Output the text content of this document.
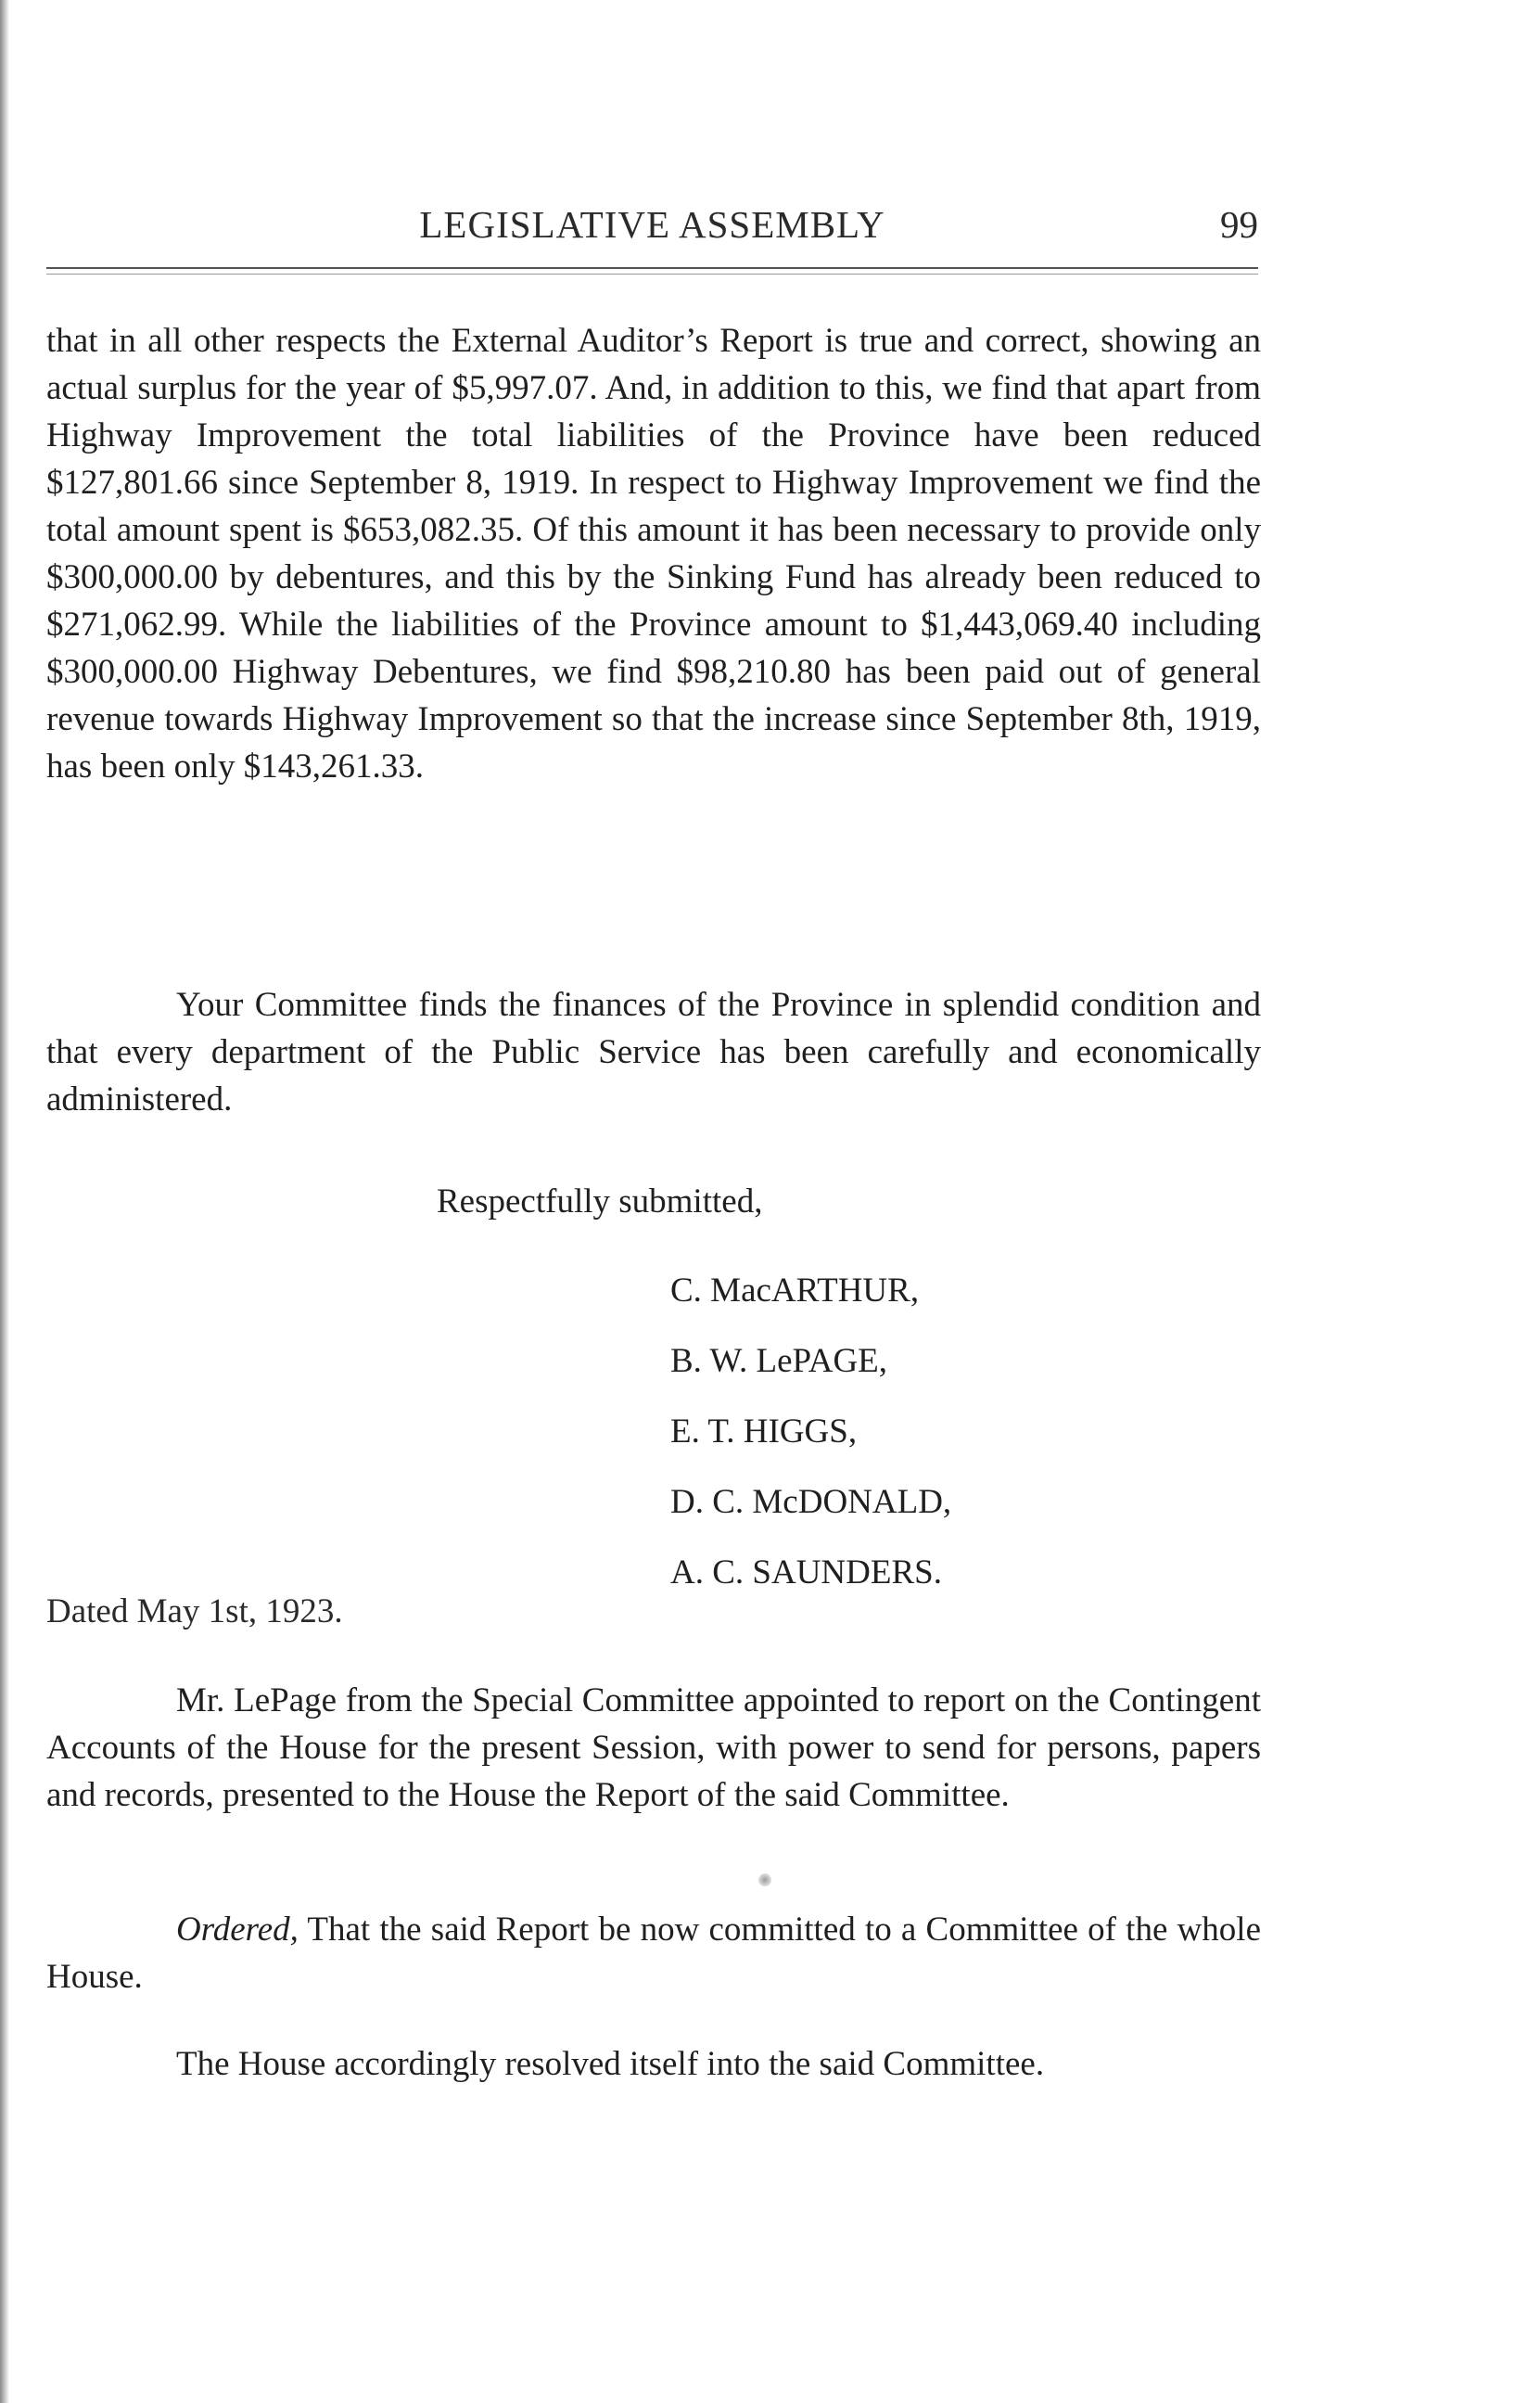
LEGISLATIVE ASSEMBLY	99

that in all other respects the External Auditor’s Report is true and correct, showing an actual surplus for the year of $5,997.07. And, in addition to this, we find that apart from Highway Improvement the total liabilities of the Province have been reduced $127,801.66 since September 8, 1919. In respect to Highway Improvement we find the total amount spent is $653,082.35. Of this amount it has been necessary to provide only $300,000.00 by debentures, and this by the Sinking Fund has already been reduced to $271,062.99. While the liabilities of the Province amount to $1,443,069.40 including $300,000.00 Highway Debentures, we find $98,210.80 has been paid out of general revenue towards Highway Improvement so that the increase since September 8th, 1919, has been only $143,261.33.

Your Committee finds the finances of the Province in splendid condition and that every department of the Public Service has been carefully and economically administered.

Respectfully submitted,
C. MacARTHUR,
B. W. LePAGE,
E. T. HIGGS,
D. C. McDONALD,
A. C. SAUNDERS.
Dated May 1st, 1923.

Mr. LePage from the Special Committee appointed to report on the Contingent Accounts of the House for the present Session, with power to send for persons, papers and records, presented to the House the Report of the said Committee.

Ordered, That the said Report be now committed to a Committee of the whole House.

The House accordingly resolved itself into the said Committee.
